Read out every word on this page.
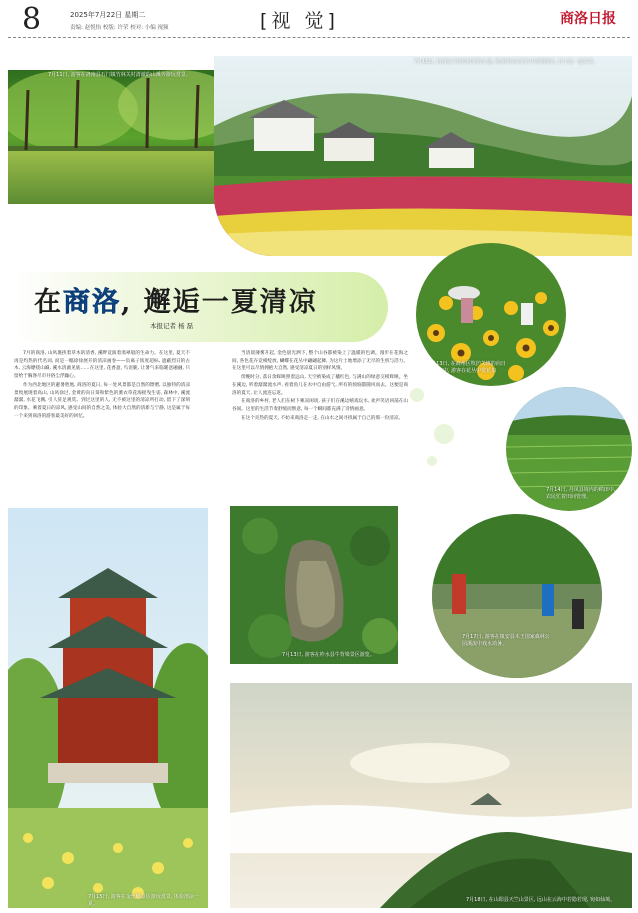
8	2025年7月22日 星期二
责编: 赵悦怡 校版: 许荣 校对: 小编 视频	[视 觉]	商洛日报
7月11日, 游客在洛南县石门镇竹林关村清澈的山溪旁游玩赏景。
7月16日, 洛南县大峪沟村花海正盛, 游客纷纷在花丛中拍照留念, 打卡这一道美景。
在商洛, 邂逅一夏清凉
本报记者 杨 磊
7月13日, 在商州区牧护关镇的向日葵花海中, 游客在花丛中赏花拍照。
7月14日, 丹凤县境内的稻田中, 农民忙着田间管理。

7月的商洛, 山风裹挟着草木的清香, 溪畔竞演着翡翠般的生命力。在这里, 夏天不再是灼热的代名词, 而是一幅徐徐展开的清凉画卷——负离子浓度超标, 遮蔽烈日的古木, 云海缭绕山巅, 溪水清澈见底……在这里, 花香盈, 鸟语脆, 让暑气来临暖意融融, 只留给于胸涤尽市井俗尘浮躁心。

作为西北地区的避暑胜地, 商洛的夏日, 每一处风景都是自然的馈赠, 以独特的清凉景致展现着高山, 山风徐过, 金黄的向日葵和紫色的薰衣草花海摇曳生姿, 森林中, 溪流潺潺, 水花飞溅, 引人驻足观赏。到过这里的人, 无不被这里的清凉所打动, 留下了深刻的印象。乘着夏日的凉风, 感受山间的自然之美, 体验大自然的清新与宁静, 这是属于每一个来到商洛的游客最美好的回忆。

当清晨薄雾升起, 金色晨光洒下, 整个山谷都被染上了温暖的色调。漫步在花海之间, 各色花卉竞相绽放, 蝴蝶在花丛中翩翩起舞, 为这片土地增添了无尽的生机与活力。在这里可以尽情拥抱大自然, 感受清凉夏日的别样风情。

傍晚时分, 落日余晖映照着远山, 天空被染成了橘红色, 与满山的绿意交相辉映。坐在溪边, 听着潺潺流水声, 看着鱼儿在水中自由游弋, 所有的烦恼都随风而去。这便是商洛的夏天, 让人流连忘返。

在商洛的乡村, 老人们在树下乘凉闲谈, 孩子们在溪边嬉戏玩水, 欢声笑语回荡在山谷间。这里的生活节奏舒缓而惬意, 每一个瞬间都充满了诗情画意。

在这个炎热的夏天, 不妨来商洛走一走, 在山水之间寻找属于自己的那一份清凉。

7月15日, 游客在金丝峡景区游玩赏景, 体验清凉一夏。
7月13日, 游客在柞水县牛背梁景区游览。
7月17日, 游客在镇安县木王国家森林公园溪流中戏水消暑。
7月18日, 在山阳县天竺山景区, 远山在云海中若隐若现, 宛如仙境。
